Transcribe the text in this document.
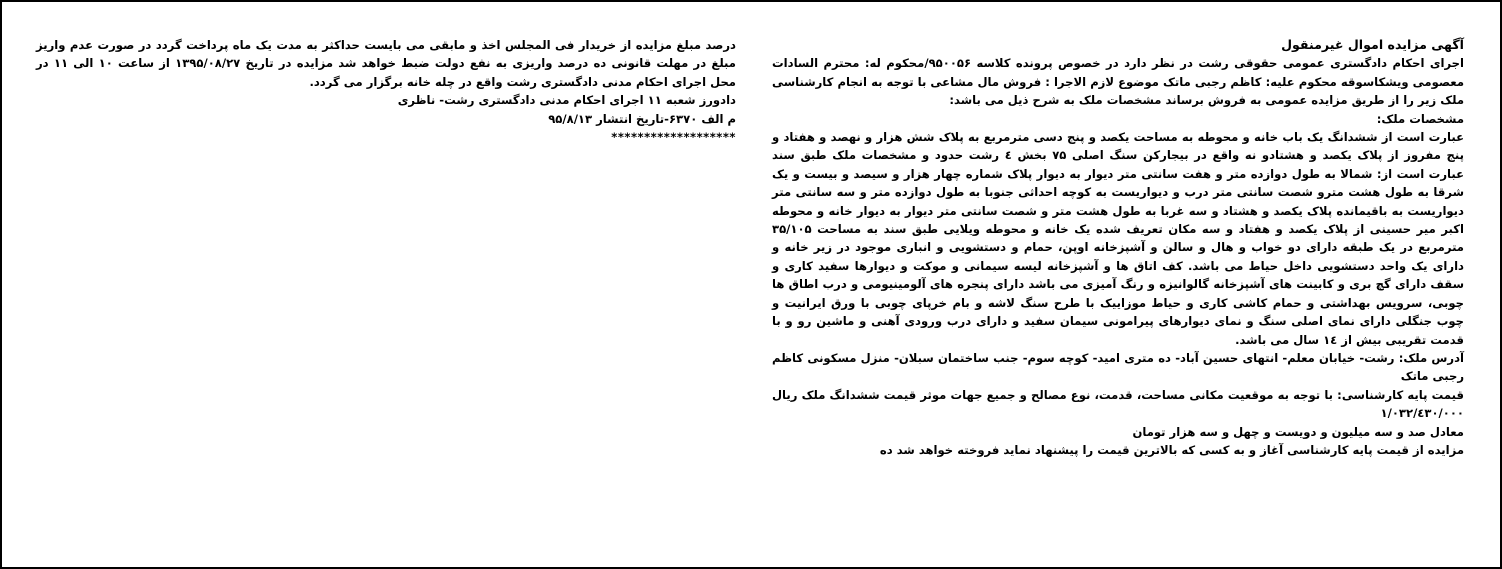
آگهی مزایده اموال غیرمنقول

اجرای احکام دادگستری عمومی حقوقی رشت در نظر دارد در خصوص پرونده کلاسه ۹۵۰۰۵۶/محکوم له: محترم السادات معصومی ویشکاسوقه محکوم علیه: کاظم رجبی ماتک موضوع لازم الاجرا : فروش مال مشاعی با توجه به انجام کارشناسی ملک زیر را از طریق مزایده عمومی به فروش برساند مشخصات ملک به شرح ذیل می باشد:

مشخصات ملک:

عبارت است از ششدانگ یک باب خانه و محوطه به مساحت یکصد و پنج دسی مترمربع به پلاک شش هزار و نهصد و هفتاد و پنج مفروز از پلاک یکصد و هشتادو نه واقع در بیجارکن سنگ اصلی ۷۵ بخش ٤ رشت حدود و مشخصات ملک طبق سند عبارت است از: شمالا به طول دوازده متر و هفت سانتی متر دیوار به دیوار پلاک شماره چهار هزار و سیصد و بیست و یک شرقا به طول هشت مترو شصت سانتی متر درب و دیواریست به کوچه احداثی جنوبا به طول دوازده متر و سه سانتی متر دیواریست به باقیمانده پلاک یکصد و هشتاد و سه غربا به طول هشت متر و شصت سانتی متر دیوار به دیوار خانه و محوطه اکبر میر حسینی از پلاک یکصد و هفتاد و سه مکان تعریف شده یک خانه و محوطه ویلایی طبق سند به مساحت ۳۵/۱۰۵ مترمربع در یک طبقه دارای دو خواب و هال و سالن و آشپزخانه اوپن، حمام و دستشویی و انباری موجود در زیر خانه و دارای یک واحد دستشویی داخل حیاط می باشد. کف اتاق ها و آشپزخانه لیسه سیمانی و موکت و دیوارها سفید کاری و سقف دارای گچ بری و کابینت های آشپزخانه گالوانیزه و رنگ آمیزی می باشد دارای پنجره های آلومینیومی و درب اطاق ها چوبی، سرویس بهداشتی و حمام کاشی کاری و حیاط موزاییک با طرح سنگ لاشه و بام خرپای چوبی با ورق ایرانیت و چوب جنگلی دارای نمای اصلی سنگ و نمای دیوارهای پیرامونی سیمان سفید و دارای درب ورودی آهنی و ماشین رو و با قدمت تقریبی بیش از ١٤ سال می باشد.

آدرس ملک: رشت- خیابان معلم- انتهای حسین آباد- ده متری امید- کوچه سوم- جنب ساختمان سبلان- منزل مسکونی کاظم رجبی ماتک

قیمت پایه کارشناسی: با توجه به موقعیت مکانی مساحت، قدمت، نوع مصالح و جمیع جهات موثر قیمت ششدانگ ملک ریال ۱/۰۳۲/٤۳۰/۰۰۰

معادل صد و سه میلیون و دویست و چهل و سه هزار تومان

مزایده از قیمت پایه کارشناسی آغاز و به کسی که بالاترین قیمت را پیشنهاد نماید فروخته خواهد شد ده

درصد مبلغ مزایده از خریدار فی المجلس اخذ و مابقی می بایست حداکثر به مدت یک ماه پرداخت گردد در صورت عدم واریز مبلغ در مهلت قانونی ده درصد واریزی به نفع دولت ضبط خواهد شد مزایده در تاریخ ۱۳۹۵/۰۸/۲۷ از ساعت ۱۰ الی ۱۱ در محل اجرای احکام مدنی دادگستری رشت واقع در چله خانه برگزار می گردد.

دادورز شعبه ۱۱ اجرای احکام مدنی دادگستری رشت- ناظری

م الف ۶۳۷۰-تاریخ انتشار ۹۵/۸/۱۳

*******************
